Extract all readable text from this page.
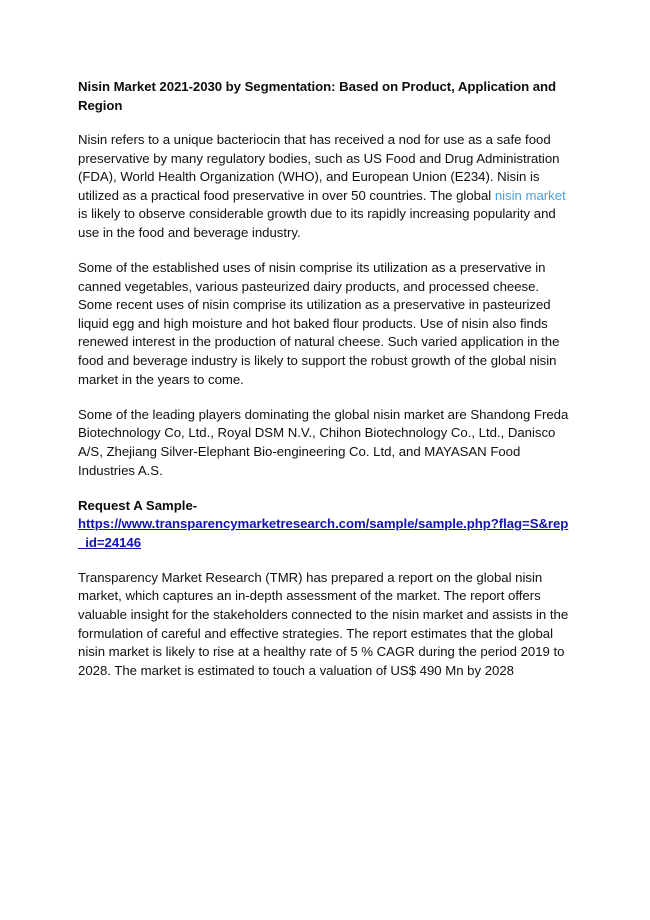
Nisin Market 2021-2030 by Segmentation: Based on Product, Application and Region

Nisin refers to a unique bacteriocin that has received a nod for use as a safe food preservative by many regulatory bodies, such as US Food and Drug Administration (FDA), World Health Organization (WHO), and European Union (E234). Nisin is utilized as a practical food preservative in over 50 countries. The global nisin market is likely to observe considerable growth due to its rapidly increasing popularity and use in the food and beverage industry.

Some of the established uses of nisin comprise its utilization as a preservative in canned vegetables, various pasteurized dairy products, and processed cheese. Some recent uses of nisin comprise its utilization as a preservative in pasteurized liquid egg and high moisture and hot baked flour products. Use of nisin also finds renewed interest in the production of natural cheese. Such varied application in the food and beverage industry is likely to support the robust growth of the global nisin market in the years to come.

Some of the leading players dominating the global nisin market are Shandong Freda Biotechnology Co, Ltd., Royal DSM N.V., Chihon Biotechnology Co., Ltd., Danisco A/S, Zhejiang Silver-Elephant Bio-engineering Co. Ltd, and MAYASAN Food Industries A.S.

Request A Sample-
https://www.transparencymarketresearch.com/sample/sample.php?flag=S&rep_id=24146

Transparency Market Research (TMR) has prepared a report on the global nisin market, which captures an in-depth assessment of the market. The report offers valuable insight for the stakeholders connected to the nisin market and assists in the formulation of careful and effective strategies. The report estimates that the global nisin market is likely to rise at a healthy rate of 5 % CAGR during the period 2019 to 2028. The market is estimated to touch a valuation of US$ 490 Mn by 2028
